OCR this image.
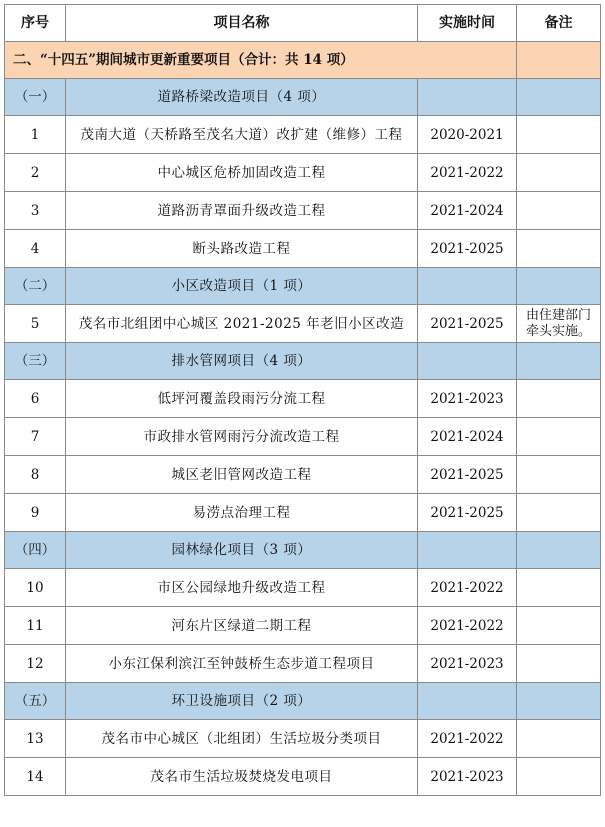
序号	项目名称	实施时间	备注
二、“十四五”期间城市更新重要项目（合计：共 14 项）			
（一）	道路桥梁改造项目（4 项）		
1	茂南大道（天桥路至茂名大道）改扩建（维修）工程	2020-2021	
2	中心城区危桥加固改造工程	2021-2022	
3	道路沥青罩面升级改造工程	2021-2024	
4	断头路改造工程	2021-2025	
（二）	小区改造项目（1 项）		
5	茂名市北组团中心城区 2021-2025 年老旧小区改造	2021-2025	由住建部门牵头实施。
（三）	排水管网项目（4 项）		
6	低坪河覆盖段雨污分流工程	2021-2023	
7	市政排水管网雨污分流改造工程	2021-2024	
8	城区老旧管网改造工程	2021-2025	
9	易涝点治理工程	2021-2025	
（四）	园林绿化项目（3 项）		
10	市区公园绿地升级改造工程	2021-2022	
11	河东片区绿道二期工程	2021-2022	
12	小东江保利滨江至钟鼓桥生态步道工程项目	2021-2023	
（五）	环卫设施项目（2 项）		
13	茂名市中心城区（北组团）生活垃圾分类项目	2021-2022	
14	茂名市生活垃圾焚烧发电项目	2021-2023	
